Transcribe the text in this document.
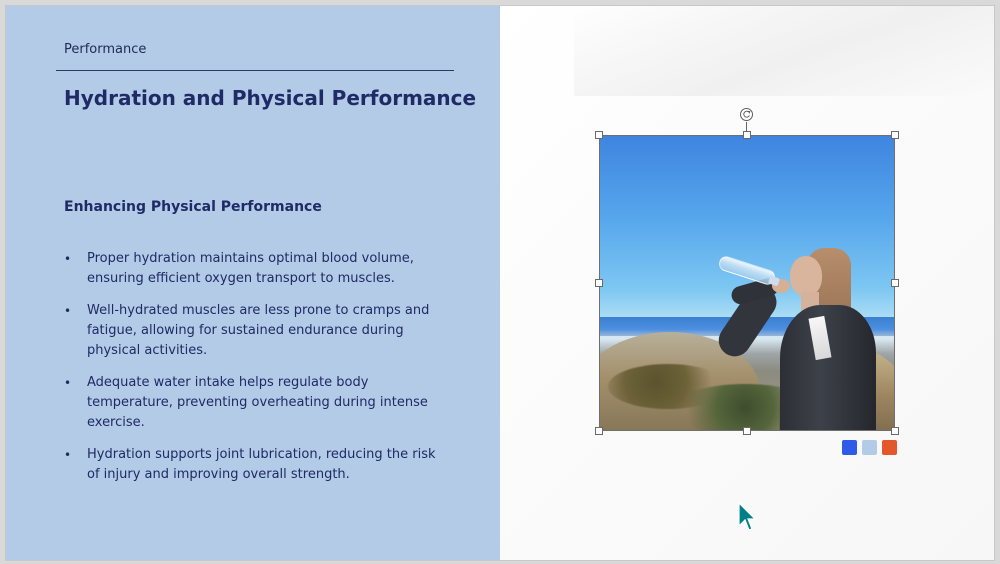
Performance
Hydration and Physical Performance
Enhancing Physical Performance
• Proper hydration maintains optimal blood volume, ensuring efficient oxygen transport to muscles.
• Well-hydrated muscles are less prone to cramps and fatigue, allowing for sustained endurance during physical activities.
• Adequate water intake helps regulate body temperature, preventing overheating during intense exercise.
• Hydration supports joint lubrication, reducing the risk of injury and improving overall strength.
